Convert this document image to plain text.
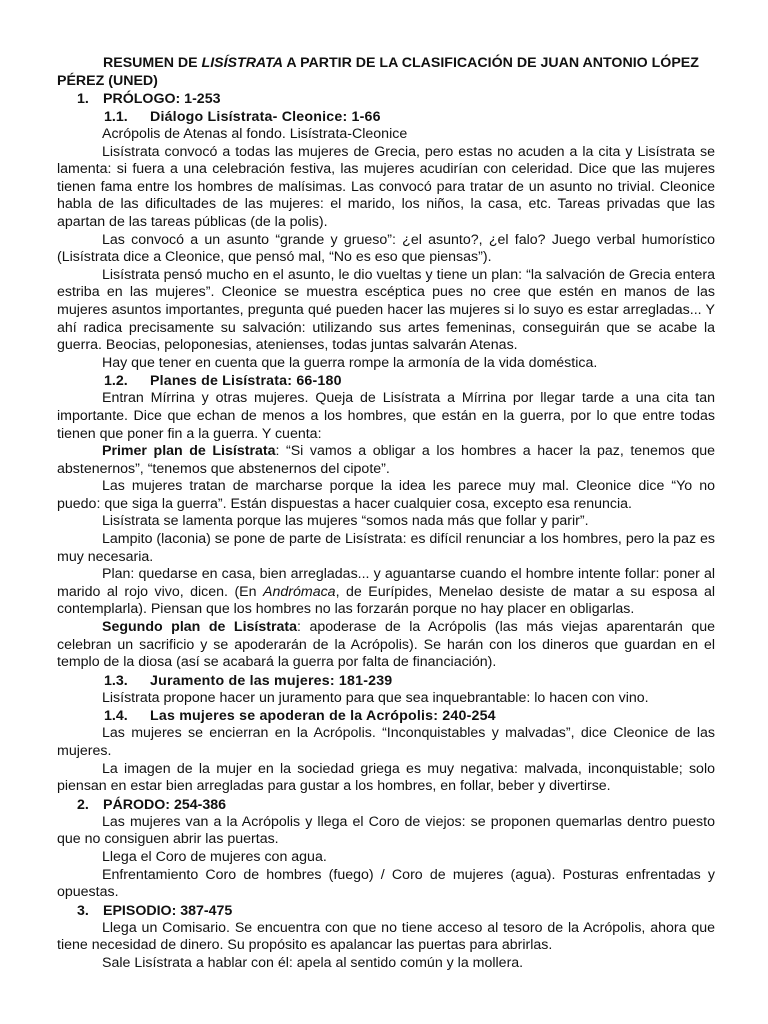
RESUMEN DE LISÍSTRATA A PARTIR DE LA CLASIFICACIÓN DE JUAN ANTONIO LÓPEZ PÉREZ (UNED)
1. PRÓLOGO: 1-253
1.1. Diálogo Lisístrata- Cleonice: 1-66

Acrópolis de Atenas al fondo. Lisístrata-Cleonice

Lisístrata convocó a todas las mujeres de Grecia, pero estas no acuden a la cita y Lisístrata se lamenta: si fuera a una celebración festiva, las mujeres acudirían con celeridad. Dice que las mujeres tienen fama entre los hombres de malísimas. Las convocó para tratar de un asunto no trivial. Cleonice habla de las dificultades de las mujeres: el marido, los niños, la casa, etc. Tareas privadas que las apartan de las tareas públicas (de la polis).

Las convocó a un asunto “grande y grueso”: ¿el asunto?, ¿el falo? Juego verbal humorístico (Lisístrata dice a Cleonice, que pensó mal, “No es eso que piensas”).

Lisístrata pensó mucho en el asunto, le dio vueltas y tiene un plan: “la salvación de Grecia entera estriba en las mujeres”. Cleonice se muestra escéptica pues no cree que estén en manos de las mujeres asuntos importantes, pregunta qué pueden hacer las mujeres si lo suyo es estar arregladas... Y ahí radica precisamente su salvación: utilizando sus artes femeninas, conseguirán que se acabe la guerra. Beocias, peloponesias, atenienses, todas juntas salvarán Atenas.

Hay que tener en cuenta que la guerra rompe la armonía de la vida doméstica.

1.2. Planes de Lisístrata: 66-180

Entran Mírrina y otras mujeres. Queja de Lisístrata a Mírrina por llegar tarde a una cita tan importante. Dice que echan de menos a los hombres, que están en la guerra, por lo que entre todas tienen que poner fin a la guerra. Y cuenta:

Primer plan de Lisístrata: “Si vamos a obligar a los hombres a hacer la paz, tenemos que abstenernos”, “tenemos que abstenernos del cipote”.

Las mujeres tratan de marcharse porque la idea les parece muy mal. Cleonice dice “Yo no puedo: que siga la guerra”. Están dispuestas a hacer cualquier cosa, excepto esa renuncia.

Lisístrata se lamenta porque las mujeres “somos nada más que follar y parir”.

Lampito (laconia) se pone de parte de Lisístrata: es difícil renunciar a los hombres, pero la paz es muy necesaria.

Plan: quedarse en casa, bien arregladas... y aguantarse cuando el hombre intente follar: poner al marido al rojo vivo, dicen. (En Andrómaca, de Eurípides, Menelao desiste de matar a su esposa al contemplarla). Piensan que los hombres no las forzarán porque no hay placer en obligarlas.

Segundo plan de Lisístrata: apoderase de la Acrópolis (las más viejas aparentarán que celebran un sacrificio y se apoderarán de la Acrópolis). Se harán con los dineros que guardan en el templo de la diosa (así se acabará la guerra por falta de financiación).

1.3. Juramento de las mujeres: 181-239

Lisístrata propone hacer un juramento para que sea inquebrantable: lo hacen con vino.

1.4. Las mujeres se apoderan de la Acrópolis: 240-254

Las mujeres se encierran en la Acrópolis. “Inconquistables y malvadas”, dice Cleonice de las mujeres.

La imagen de la mujer en la sociedad griega es muy negativa: malvada, inconquistable; solo piensan en estar bien arregladas para gustar a los hombres, en follar, beber y divertirse.

2. PÁRODO: 254-386

Las mujeres van a la Acrópolis y llega el Coro de viejos: se proponen quemarlas dentro puesto que no consiguen abrir las puertas.

Llega el Coro de mujeres con agua.

Enfrentamiento Coro de hombres (fuego) / Coro de mujeres (agua). Posturas enfrentadas y opuestas.

3. EPISODIO: 387-475

Llega un Comisario. Se encuentra con que no tiene acceso al tesoro de la Acrópolis, ahora que tiene necesidad de dinero. Su propósito es apalancar las puertas para abrirlas.

Sale Lisístrata a hablar con él: apela al sentido común y la mollera.
